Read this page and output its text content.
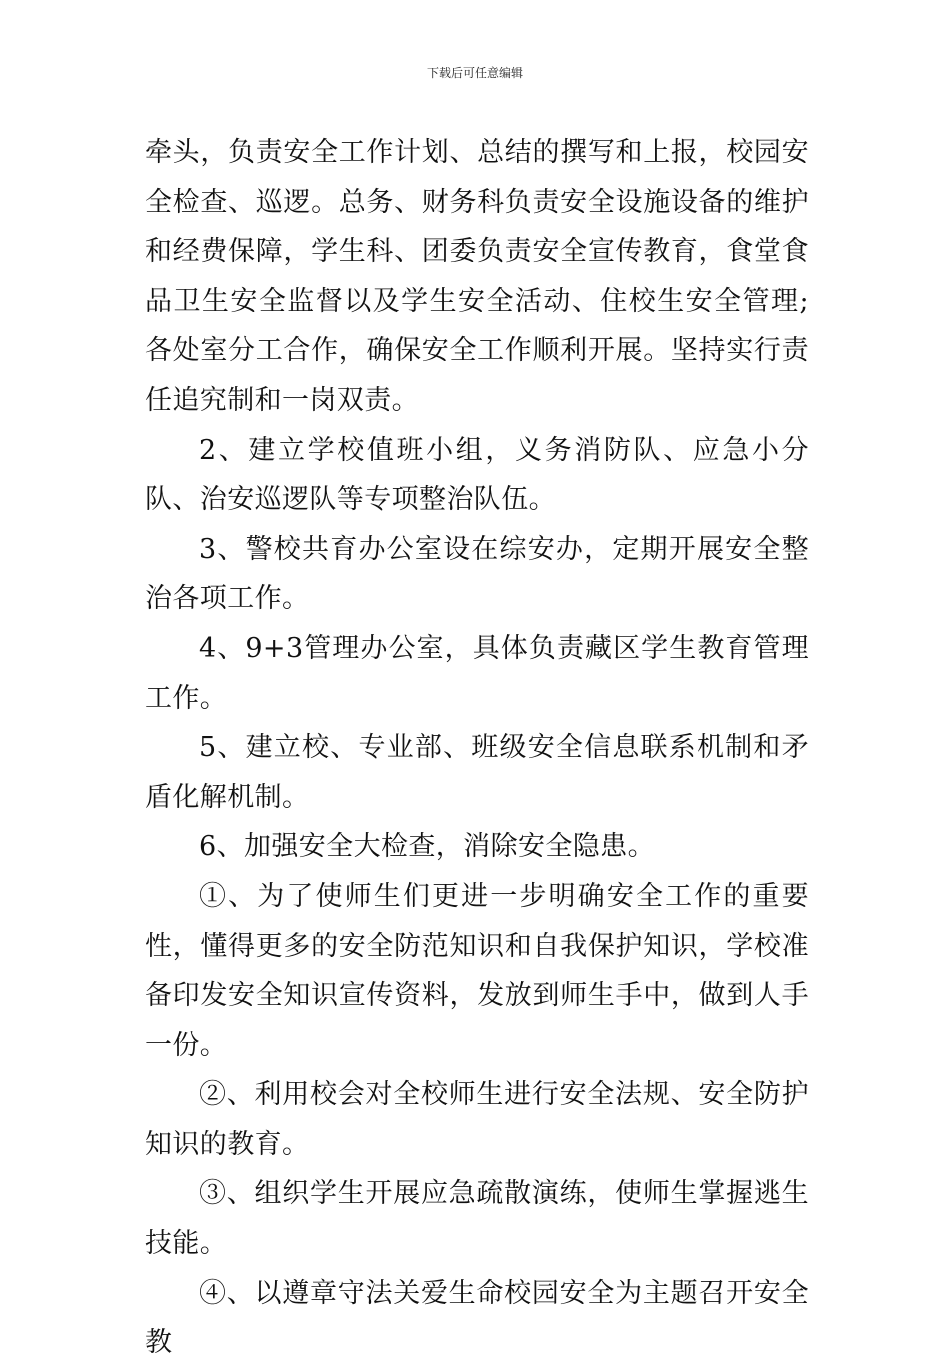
下载后可任意编辑

牵头，负责安全工作计划、总结的撰写和上报，校园安全检查、巡逻。总务、财务科负责安全设施设备的维护和经费保障，学生科、团委负责安全宣传教育，食堂食品卫生安全监督以及学生安全活动、住校生安全管理;各处室分工合作，确保安全工作顺利开展。坚持实行责任追究制和一岗双责。

2、建立学校值班小组，义务消防队、应急小分队、治安巡逻队等专项整治队伍。

3、警校共育办公室设在综安办，定期开展安全整治各项工作。

4、9+3管理办公室，具体负责藏区学生教育管理工作。

5、建立校、专业部、班级安全信息联系机制和矛盾化解机制。

6、加强安全大检查，消除安全隐患。

①、为了使师生们更进一步明确安全工作的重要性，懂得更多的安全防范知识和自我保护知识，学校准备印发安全知识宣传资料，发放到师生手中，做到人手一份。

②、利用校会对全校师生进行安全法规、安全防护知识的教育。

③、组织学生开展应急疏散演练，使师生掌握逃生技能。

④、以遵章守法关爱生命校园安全为主题召开安全教
